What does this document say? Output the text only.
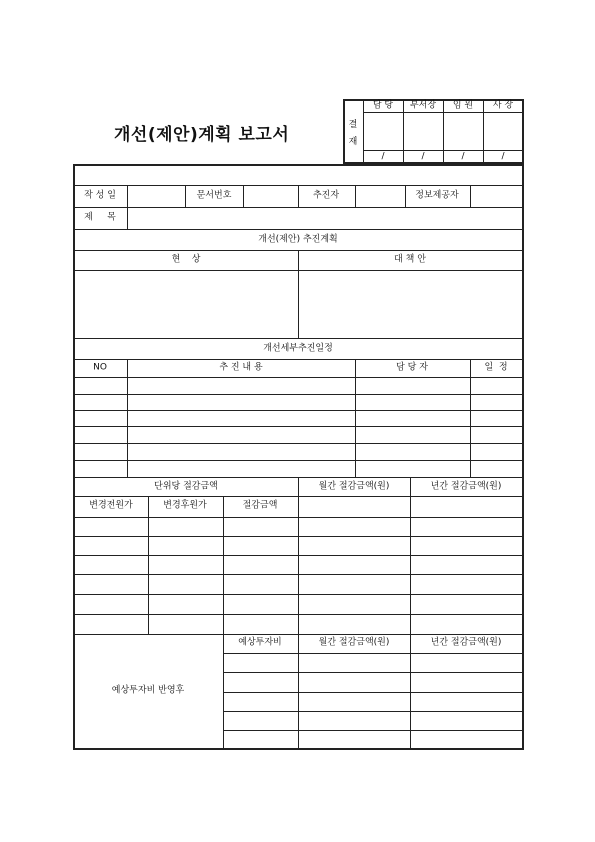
개선(제안)계획 보고서	결
재
담 당 부서장 임 원 사 장
/	/	/	/
작 성 일	문서번호	추진자	정보제공자
제     목
개선(제안) 추진계획
현    상	대 책 안
개선세부추진일정
NO	추 진 내 용	담 당 자	일  정
단위당 절감금액	월간 절감금액(원)	년간 절감금액(원)
변경전원가	변경후원가	절감금액
예상투자비 반영후
예상투자비	월간 절감금액(원)	년간 절감금액(원)
